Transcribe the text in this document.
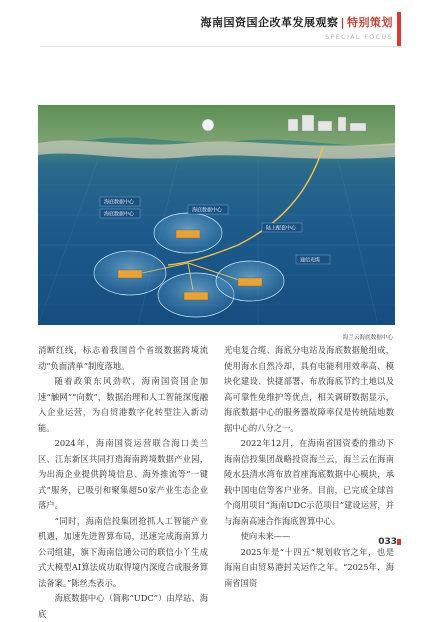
海南国资国企改革发展观察 | 特别策划
SPECIAL FOCUS
海底数据中心
海底数据中心
海底数据中心
陆上配套中心
通信光缆
海兰云海底数据中心

消断红线，标志着我国首个省级数据跨境流动“负面清单”制度落地。

随着政策东风劲吹，海南国资国企加速“触网”“向数”，数据治理和人工智能深度融入企业运营，为自贸港数字化转型注入新动能。

2024年，海南国资运营联合海口美兰区、江东新区共同打造海南跨境数据产业园，为出海企业提供跨境信息、海外推流等“一键式”服务，已吸引和聚集超50家产业生态企业落户。

“同时，海南信投集团抢抓人工智能产业机遇，加速先进智算布局，迅速完成海南算力公司组建，旗下海南信通公司的联信小丫生成式大模型AI算法成功取得境内深度合成服务算法备案。”陈丝杰表示。

海底数据中心（简称“UDC”）由岸站、海底

光电复合缆、海底分电站及海底数据舱组成，使用海水自然冷却，具有电能利用效率高、模块化建设、快捷部署、布放海底节约土地以及高可靠性免维护等优点，相关调研数据显示，海底数据中心的服务器故障率仅是传统陆地数据中心的八分之一。

2022年12月，在海南省国资委的推动下海南信投集团战略投资海兰云，海兰云在海南陵水县清水湾布放首座海底数据中心模块，承载中国电信等客户业务。目前，已完成全球首个商用项目“海南UDC示范项目”建设运营，并与海南高速合作海底智算中心。

使向未来——

2025年是“十四五”规划收官之年，也是海南自由贸易港封关运作之年。“2025年，海南省国资

033
